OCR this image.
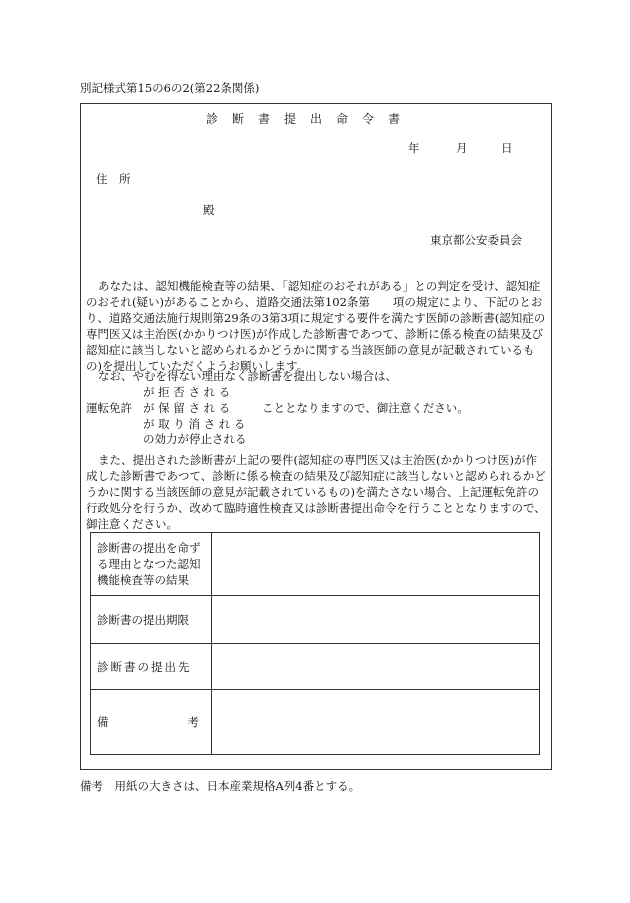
別記様式第15の6の2(第22条関係)
診断書提出命令書
年	月	日
住　所
殿
東京都公安委員会
あなたは、認知機能検査等の結果、「認知症のおそれがある」との判定を受け、認知症のおそれ(疑い)があることから、道路交通法第102条第　　項の規定により、下記のとおり、道路交通法施行規則第29条の3第3項に規定する要件を満たす医師の診断書(認知症の専門医又は主治医(かかりつけ医)が作成した診断書であつて、診断に係る検査の結果及び認知症に該当しないと認められるかどうかに関する当該医師の意見が記載されているもの)を提出していただくようお願いします。
なお、やむを得ない理由なく診断書を提出しない場合は、
が 拒 否 さ れ る
運転免許 が 保 留 さ れ る	こととなりますので、御注意ください。
が 取 り 消 さ れ る
の効力が停止される
また、提出された診断書が上記の要件(認知症の専門医又は主治医(かかりつけ医)が作成した診断書であつて、診断に係る検査の結果及び認知症に該当しないと認められるかどうかに関する当該医師の意見が記載されているもの)を満たさない場合、上記運転免許の行政処分を行うか、改めて臨時適性検査又は診断書提出命令を行うこととなりますので、御注意ください。
診断書の提出を命ずる理由となつた認知機能検査等の結果	
診断書の提出期限	
診断書の提出先	

備 考	

備考　用紙の大きさは、日本産業規格A列4番とする。
